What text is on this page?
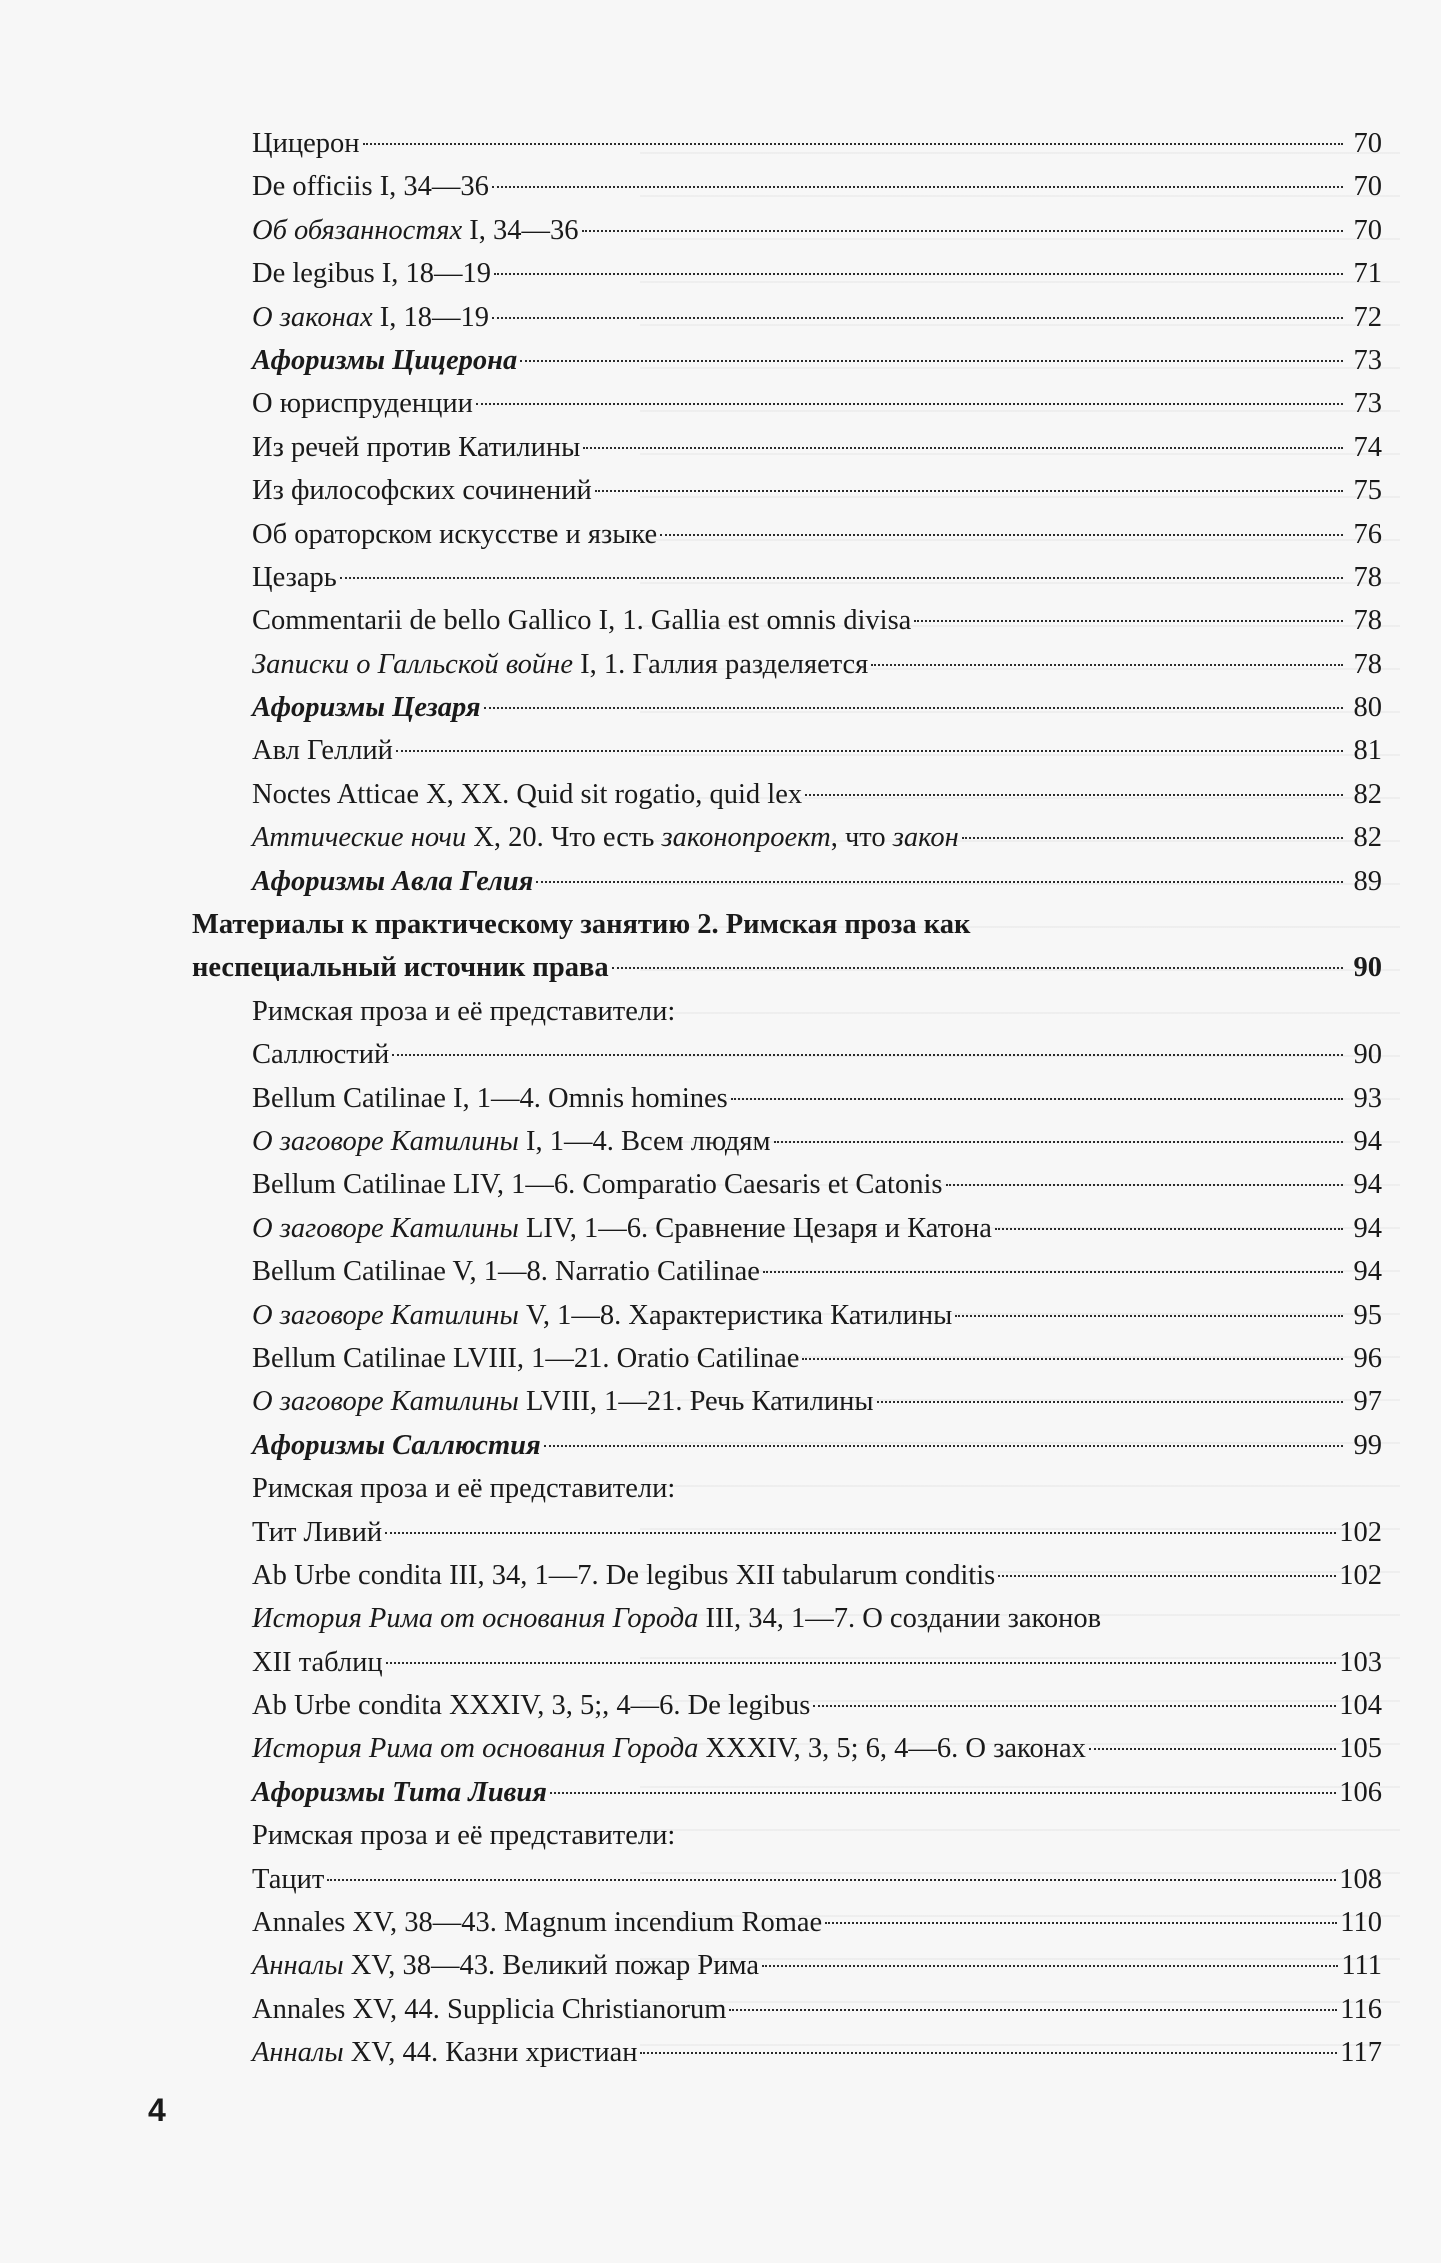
Цицерон	70
De officiis I, 34—36	70
Об обязанностях I, 34—36	70
De legibus I, 18—19	71
О законах I, 18—19	72
Афоризмы Цицерона	73
О юриспруденции	73
Из речей против Катилины	74
Из философских сочинений	75
Об ораторском искусстве и языке	76
Цезарь	78
Commentarii de bello Gallico I, 1. Gallia est omnis divisa	78
Записки о Галльской войне I, 1. Галлия разделяется	78
Афоризмы Цезаря	80
Авл Геллий	81
Noctes Atticae X, XX. Quid sit rogatio, quid lex	82
Аттические ночи X, 20. Что есть законопроект, что закон	82
Афоризмы Авла Гелия	89
Материалы к практическому занятию 2. Римская проза как
неспециальный источник права	90
Римская проза и её представители:
Саллюстий	90
Bellum Catilinae I, 1—4. Omnis homines	93
О заговоре Катилины I, 1—4. Всем людям	94
Bellum Catilinae LIV, 1—6. Comparatio Caesaris et Catonis	94
О заговоре Катилины LIV, 1—6. Сравнение Цезаря и Катона	94
Bellum Catilinae V, 1—8. Narratio Catilinae	94
О заговоре Катилины V, 1—8. Характеристика Катилины	95
Bellum Catilinae LVIII, 1—21. Oratio Catilinae	96
О заговоре Катилины LVIII, 1—21. Речь Катилины	97
Афоризмы Саллюстия	99
Римская проза и её представители:
Тит Ливий	102
Ab Urbe condita III, 34, 1—7. De legibus XII tabularum conditis	102
История Рима от основания Города III, 34, 1—7. О создании законов
XII таблиц	103
Ab Urbe condita XXXIV, 3, 5;, 4—6. De legibus	104
История Рима от основания Города XXXIV, 3, 5; 6, 4—6. О законах	105
Афоризмы Тита Ливия	106
Римская проза и её представители:
Тацит	108
Annales XV, 38—43. Magnum incendium Romae	110
Анналы XV, 38—43. Великий пожар Рима	111
Annales XV, 44. Supplicia Christianorum	116
Анналы XV, 44. Казни христиан	117
4
